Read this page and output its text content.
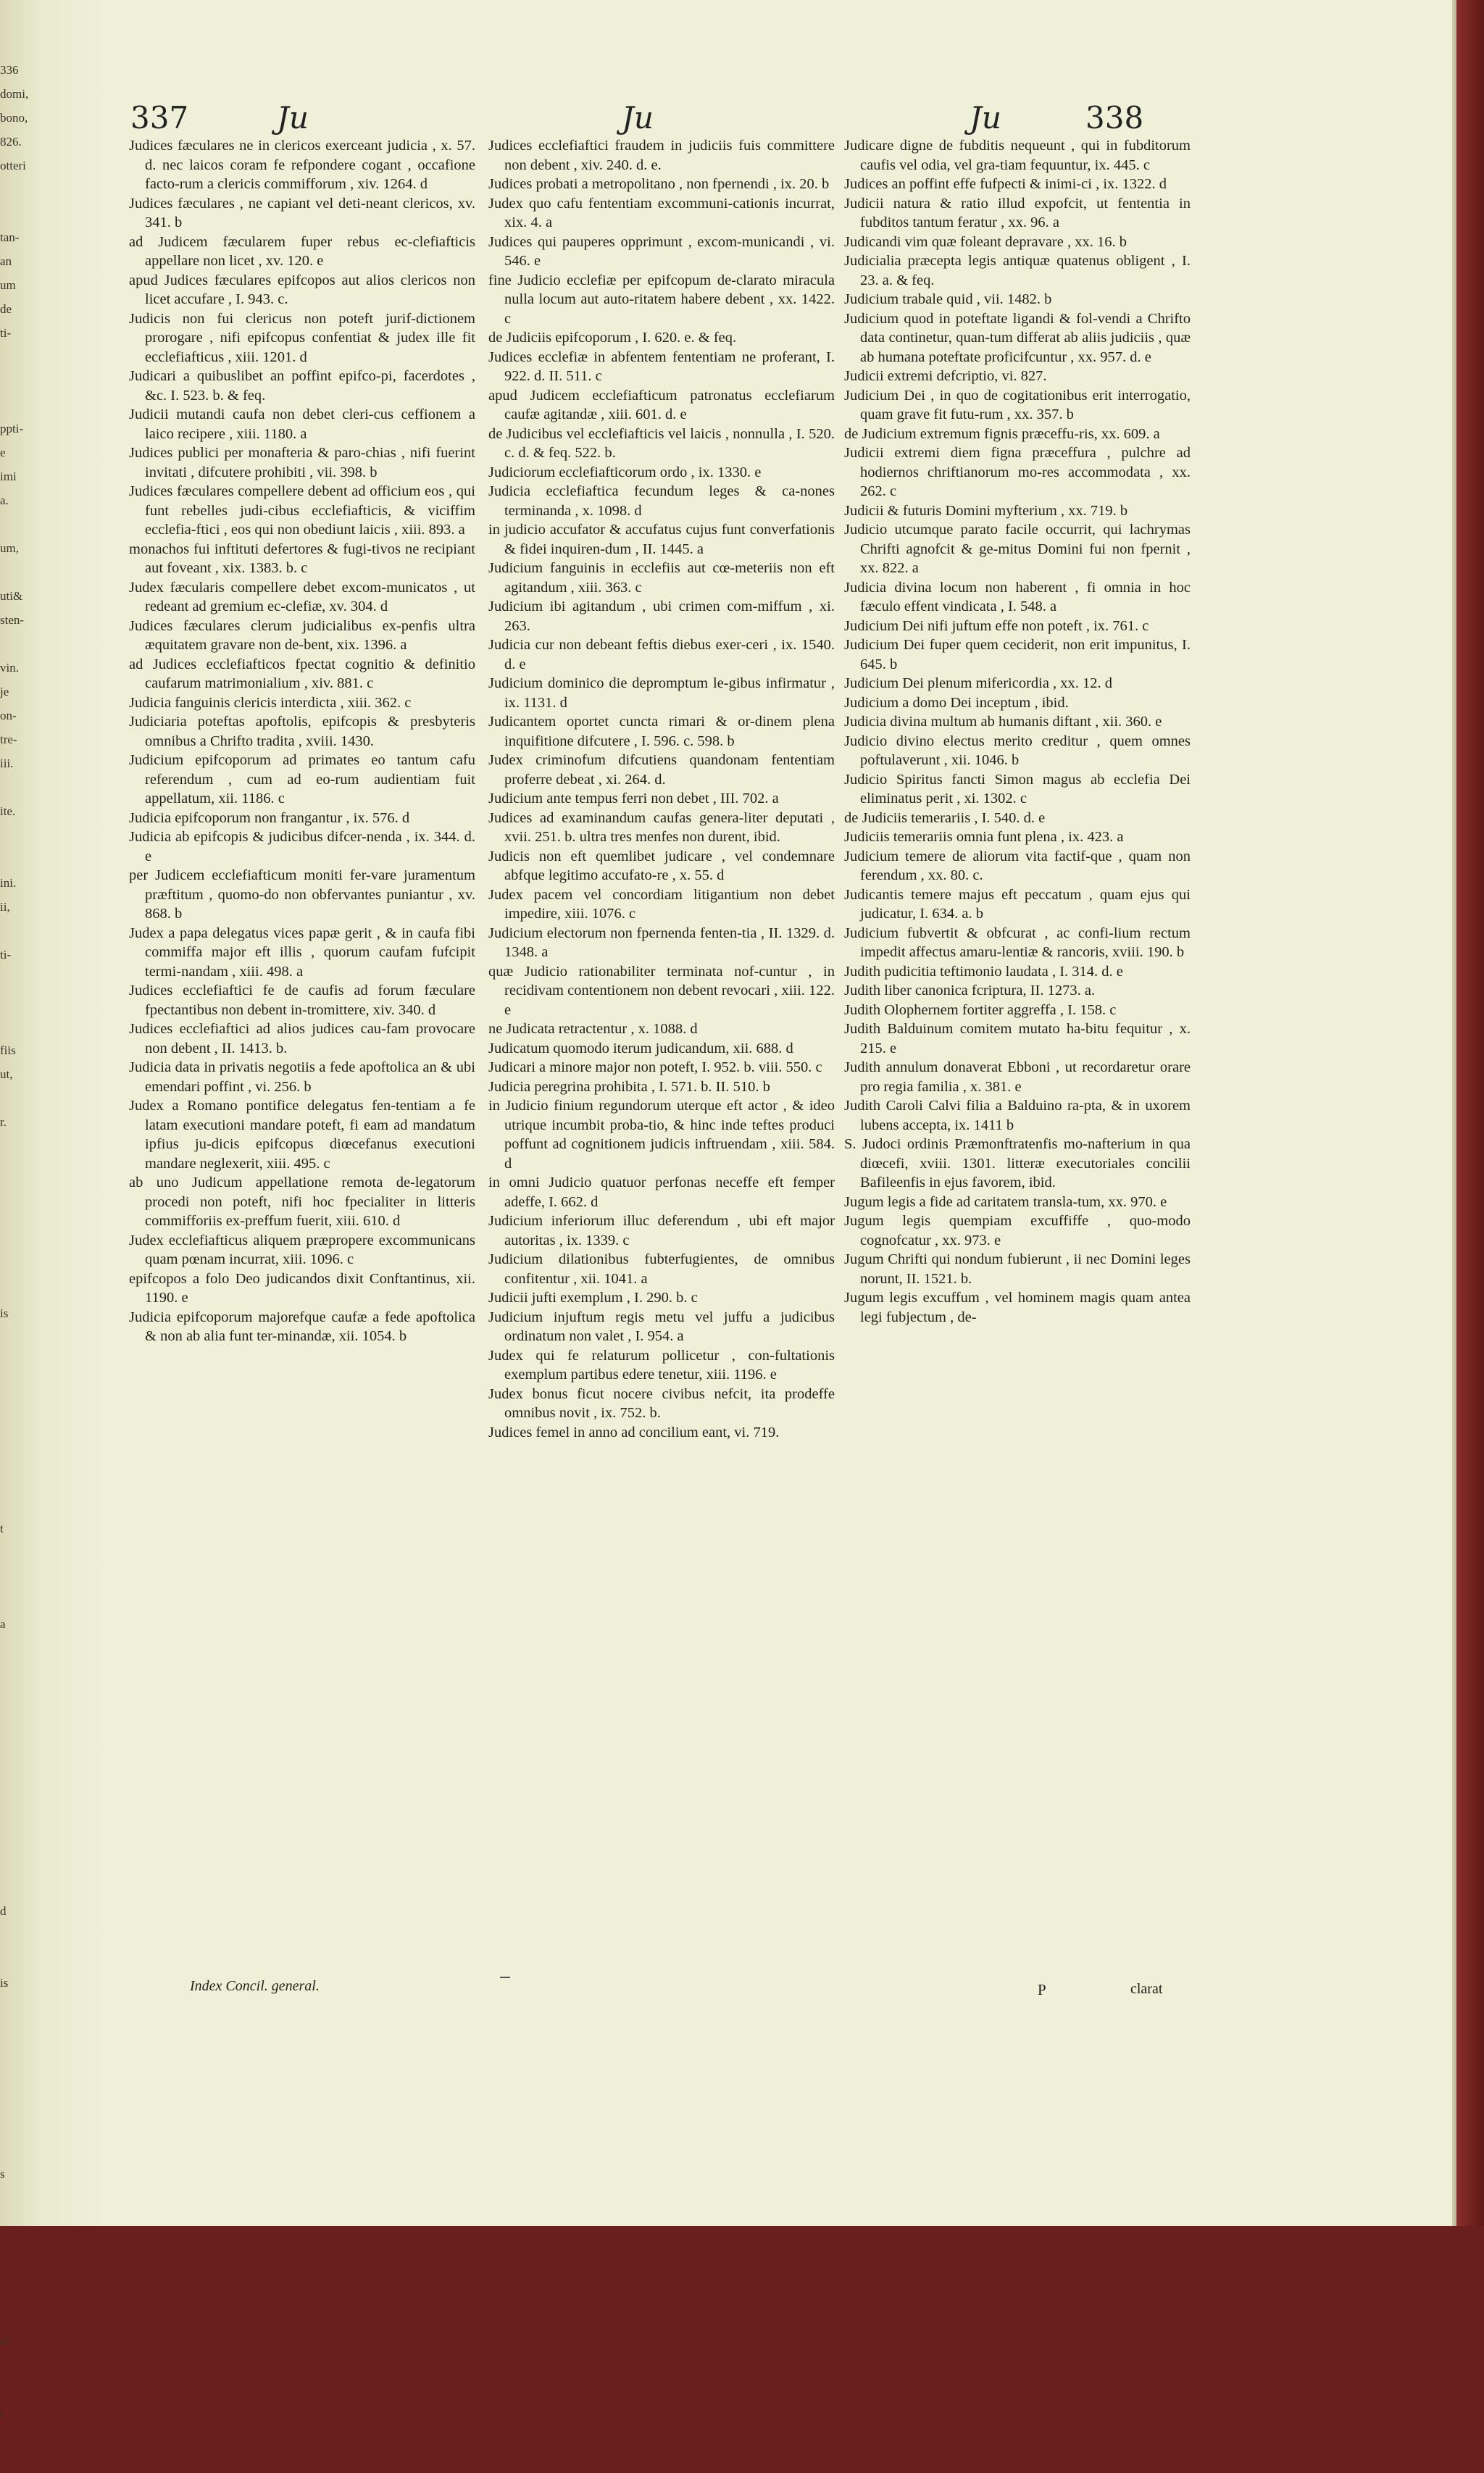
336
domi,
bono,
826.
otteri

tan-
an
um
de
ti-

ppti-
e
imi
a.

um,

uti&
sten-

vin.
je
on-
tre-
iii.

ite.

ini.
ii,

ti-

fiis
ut,

r.

is

t

a

d

is

s

ef

r

337	Ju	Ju	Ju	338

Judices fæculares ne in clericos exerceant judicia , x. 57. d. nec laicos coram fe refpondere cogant , occafione facto-rum a clericis commifforum , xiv. 1264. d

Judices fæculares , ne capiant vel deti-neant clericos, xv. 341. b

ad Judicem fæcularem fuper rebus ec-clefiafticis appellare non licet , xv. 120. e

apud Judices fæculares epifcopos aut alios clericos non licet accufare , I. 943. c.

Judicis non fui clericus non poteft jurif-dictionem prorogare , nifi epifcopus confentiat & judex ille fit ecclefiafticus , xiii. 1201. d

Judicari a quibuslibet an poffint epifco-pi, facerdotes , &c. I. 523. b. & feq.

Judicii mutandi caufa non debet cleri-cus ceffionem a laico recipere , xiii. 1180. a

Judices publici per monafteria & paro-chias , nifi fuerint invitati , difcutere prohibiti , vii. 398. b

Judices fæculares compellere debent ad officium eos , qui funt rebelles judi-cibus ecclefiafticis, & viciffim ecclefia-ftici , eos qui non obediunt laicis , xiii. 893. a

monachos fui inftituti defertores & fugi-tivos ne recipiant aut foveant , xix. 1383. b. c

Judex fæcularis compellere debet excom-municatos , ut redeant ad gremium ec-clefiæ, xv. 304. d

Judices fæculares clerum judicialibus ex-penfis ultra æquitatem gravare non de-bent, xix. 1396. a

ad Judices ecclefiafticos fpectat cognitio & definitio caufarum matrimonialium , xiv. 881. c

Judicia fanguinis clericis interdicta , xiii. 362. c

Judiciaria poteftas apoftolis, epifcopis & presbyteris omnibus a Chrifto tradita , xviii. 1430.

Judicium epifcoporum ad primates eo tantum cafu referendum , cum ad eo-rum audientiam fuit appellatum, xii. 1186. c

Judicia epifcoporum non frangantur , ix. 576. d

Judicia ab epifcopis & judicibus difcer-nenda , ix. 344. d. e

per Judicem ecclefiafticum moniti fer-vare juramentum præftitum , quomo-do non obfervantes puniantur , xv. 868. b

Judex a papa delegatus vices papæ gerit , & in caufa fibi commiffa major eft illis , quorum caufam fufcipit termi-nandam , xiii. 498. a

Judices ecclefiaftici fe de caufis ad forum fæculare fpectantibus non debent in-tromittere, xiv. 340. d

Judices ecclefiaftici ad alios judices cau-fam provocare non debent , II. 1413. b.

Judicia data in privatis negotiis a fede apoftolica an & ubi emendari poffint , vi. 256. b

Judex a Romano pontifice delegatus fen-tentiam a fe latam executioni mandare poteft, fi eam ad mandatum ipfius ju-dicis epifcopus diœcefanus executioni mandare neglexerit, xiii. 495. c

ab uno Judicum appellatione remota de-legatorum procedi non poteft, nifi hoc fpecialiter in litteris commifforiis ex-preffum fuerit, xiii. 610. d

Judex ecclefiafticus aliquem præpropere excommunicans quam pœnam incurrat, xiii. 1096. c

epifcopos a folo Deo judicandos dixit Conftantinus, xii. 1190. e

Judicia epifcoporum majorefque caufæ a fede apoftolica & non ab alia funt ter-minandæ, xii. 1054. b

Judices ecclefiaftici fraudem in judiciis fuis committere non debent , xiv. 240. d. e.

Judices probati a metropolitano , non fpernendi , ix. 20. b

Judex quo cafu fententiam excommuni-cationis incurrat, xix. 4. a

Judices qui pauperes opprimunt , excom-municandi , vi. 546. e

fine Judicio ecclefiæ per epifcopum de-clarato miracula nulla locum aut auto-ritatem habere debent , xx. 1422. c

de Judiciis epifcoporum , I. 620. e. & feq.

Judices ecclefiæ in abfentem fententiam ne proferant, I. 922. d. II. 511. c

apud Judicem ecclefiafticum patronatus ecclefiarum caufæ agitandæ , xiii. 601. d. e

de Judicibus vel ecclefiafticis vel laicis , nonnulla , I. 520. c. d. & feq. 522. b.

Judiciorum ecclefiafticorum ordo , ix. 1330. e

Judicia ecclefiaftica fecundum leges & ca-nones terminanda , x. 1098. d

in judicio accufator & accufatus cujus funt converfationis & fidei inquiren-dum , II. 1445. a

Judicium fanguinis in ecclefiis aut cœ-meteriis non eft agitandum , xiii. 363. c

Judicium ibi agitandum , ubi crimen com-miffum , xi. 263.

Judicia cur non debeant feftis diebus exer-ceri , ix. 1540. d. e

Judicium dominico die depromptum le-gibus infirmatur , ix. 1131. d

Judicantem oportet cuncta rimari & or-dinem plena inquifitione difcutere , I. 596. c. 598. b

Judex criminofum difcutiens quandonam fententiam proferre debeat , xi. 264. d.

Judicium ante tempus ferri non debet , III. 702. a

Judices ad examinandum caufas genera-liter deputati , xvii. 251. b. ultra tres menfes non durent, ibid.

Judicis non eft quemlibet judicare , vel condemnare abfque legitimo accufato-re , x. 55. d

Judex pacem vel concordiam litigantium non debet impedire, xiii. 1076. c

Judicium electorum non fpernenda fenten-tia , II. 1329. d. 1348. a

quæ Judicio rationabiliter terminata nof-cuntur , in recidivam contentionem non debent revocari , xiii. 122. e

ne Judicata retractentur , x. 1088. d

Judicatum quomodo iterum judicandum, xii. 688. d

Judicari a minore major non poteft, I. 952. b. viii. 550. c

Judicia peregrina prohibita , I. 571. b. II. 510. b

in Judicio finium regundorum uterque eft actor , & ideo utrique incumbit proba-tio, & hinc inde teftes produci poffunt ad cognitionem judicis inftruendam , xiii. 584. d

in omni Judicio quatuor perfonas neceffe eft femper adeffe, I. 662. d

Judicium inferiorum illuc deferendum , ubi eft major autoritas , ix. 1339. c

Judicium dilationibus fubterfugientes, de omnibus confitentur , xii. 1041. a

Judicii jufti exemplum , I. 290. b. c

Judicium injuftum regis metu vel juffu a judicibus ordinatum non valet , I. 954. a

Judex qui fe relaturum pollicetur , con-fultationis exemplum partibus edere tenetur, xiii. 1196. e

Judex bonus ficut nocere civibus nefcit, ita prodeffe omnibus novit , ix. 752. b.

Judices femel in anno ad concilium eant, vi. 719.

Judicare digne de fubditis nequeunt , qui in fubditorum caufis vel odia, vel gra-tiam fequuntur, ix. 445. c

Judices an poffint effe fufpecti & inimi-ci , ix. 1322. d

Judicii natura & ratio illud expofcit, ut fententia in fubditos tantum feratur , xx. 96. a

Judicandi vim quæ foleant depravare , xx. 16. b

Judicialia præcepta legis antiquæ quatenus obligent , I. 23. a. & feq.

Judicium trabale quid , vii. 1482. b

Judicium quod in poteftate ligandi & fol-vendi a Chrifto data continetur, quan-tum differat ab aliis judiciis , quæ ab humana poteftate proficifcuntur , xx. 957. d. e

Judicii extremi defcriptio, vi. 827.

Judicium Dei , in quo de cogitationibus erit interrogatio, quam grave fit futu-rum , xx. 357. b

de Judicium extremum fignis præceffu-ris, xx. 609. a

Judicii extremi diem figna præceffura , pulchre ad hodiernos chriftianorum mo-res accommodata , xx. 262. c

Judicii & futuris Domini myfterium , xx. 719. b

Judicio utcumque parato facile occurrit, qui lachrymas Chrifti agnofcit & ge-mitus Domini fui non fpernit , xx. 822. a

Judicia divina locum non haberent , fi omnia in hoc fæculo effent vindicata , I. 548. a

Judicium Dei nifi juftum effe non poteft , ix. 761. c

Judicium Dei fuper quem ceciderit, non erit impunitus, I. 645. b

Judicium Dei plenum mifericordia , xx. 12. d

Judicium a domo Dei inceptum , ibid.

Judicia divina multum ab humanis diftant , xii. 360. e

Judicio divino electus merito creditur , quem omnes poftulaverunt , xii. 1046. b

Judicio Spiritus fancti Simon magus ab ecclefia Dei eliminatus perit , xi. 1302. c

de Judiciis temerariis , I. 540. d. e

Judiciis temerariis omnia funt plena , ix. 423. a

Judicium temere de aliorum vita factif-que , quam non ferendum , xx. 80. c.

Judicantis temere majus eft peccatum , quam ejus qui judicatur, I. 634. a. b

Judicium fubvertit & obfcurat , ac confi-lium rectum impedit affectus amaru-lentiæ & rancoris, xviii. 190. b

Judith pudicitia teftimonio laudata , I. 314. d. e

Judith liber canonica fcriptura, II. 1273. a.

Judith Olophernem fortiter aggreffa , I. 158. c

Judith Balduinum comitem mutato ha-bitu fequitur , x. 215. e

Judith annulum donaverat Ebboni , ut recordaretur orare pro regia familia , x. 381. e

Judith Caroli Calvi filia a Balduino ra-pta, & in uxorem lubens accepta, ix. 1411 b

S. Judoci ordinis Præmonftratenfis mo-nafterium in qua diœcefi, xviii. 1301. litteræ executoriales concilii Bafileenfis in ejus favorem, ibid.

Jugum legis a fide ad caritatem transla-tum, xx. 970. e

Jugum legis quempiam excuffiffe , quo-modo cognofcatur , xx. 973. e

Jugum Chrifti qui nondum fubierunt , ii nec Domini leges norunt, II. 1521. b.

Jugum legis excuffum , vel hominem magis quam antea legi fubjectum , de-

Index Concil. general.	P	clarat
